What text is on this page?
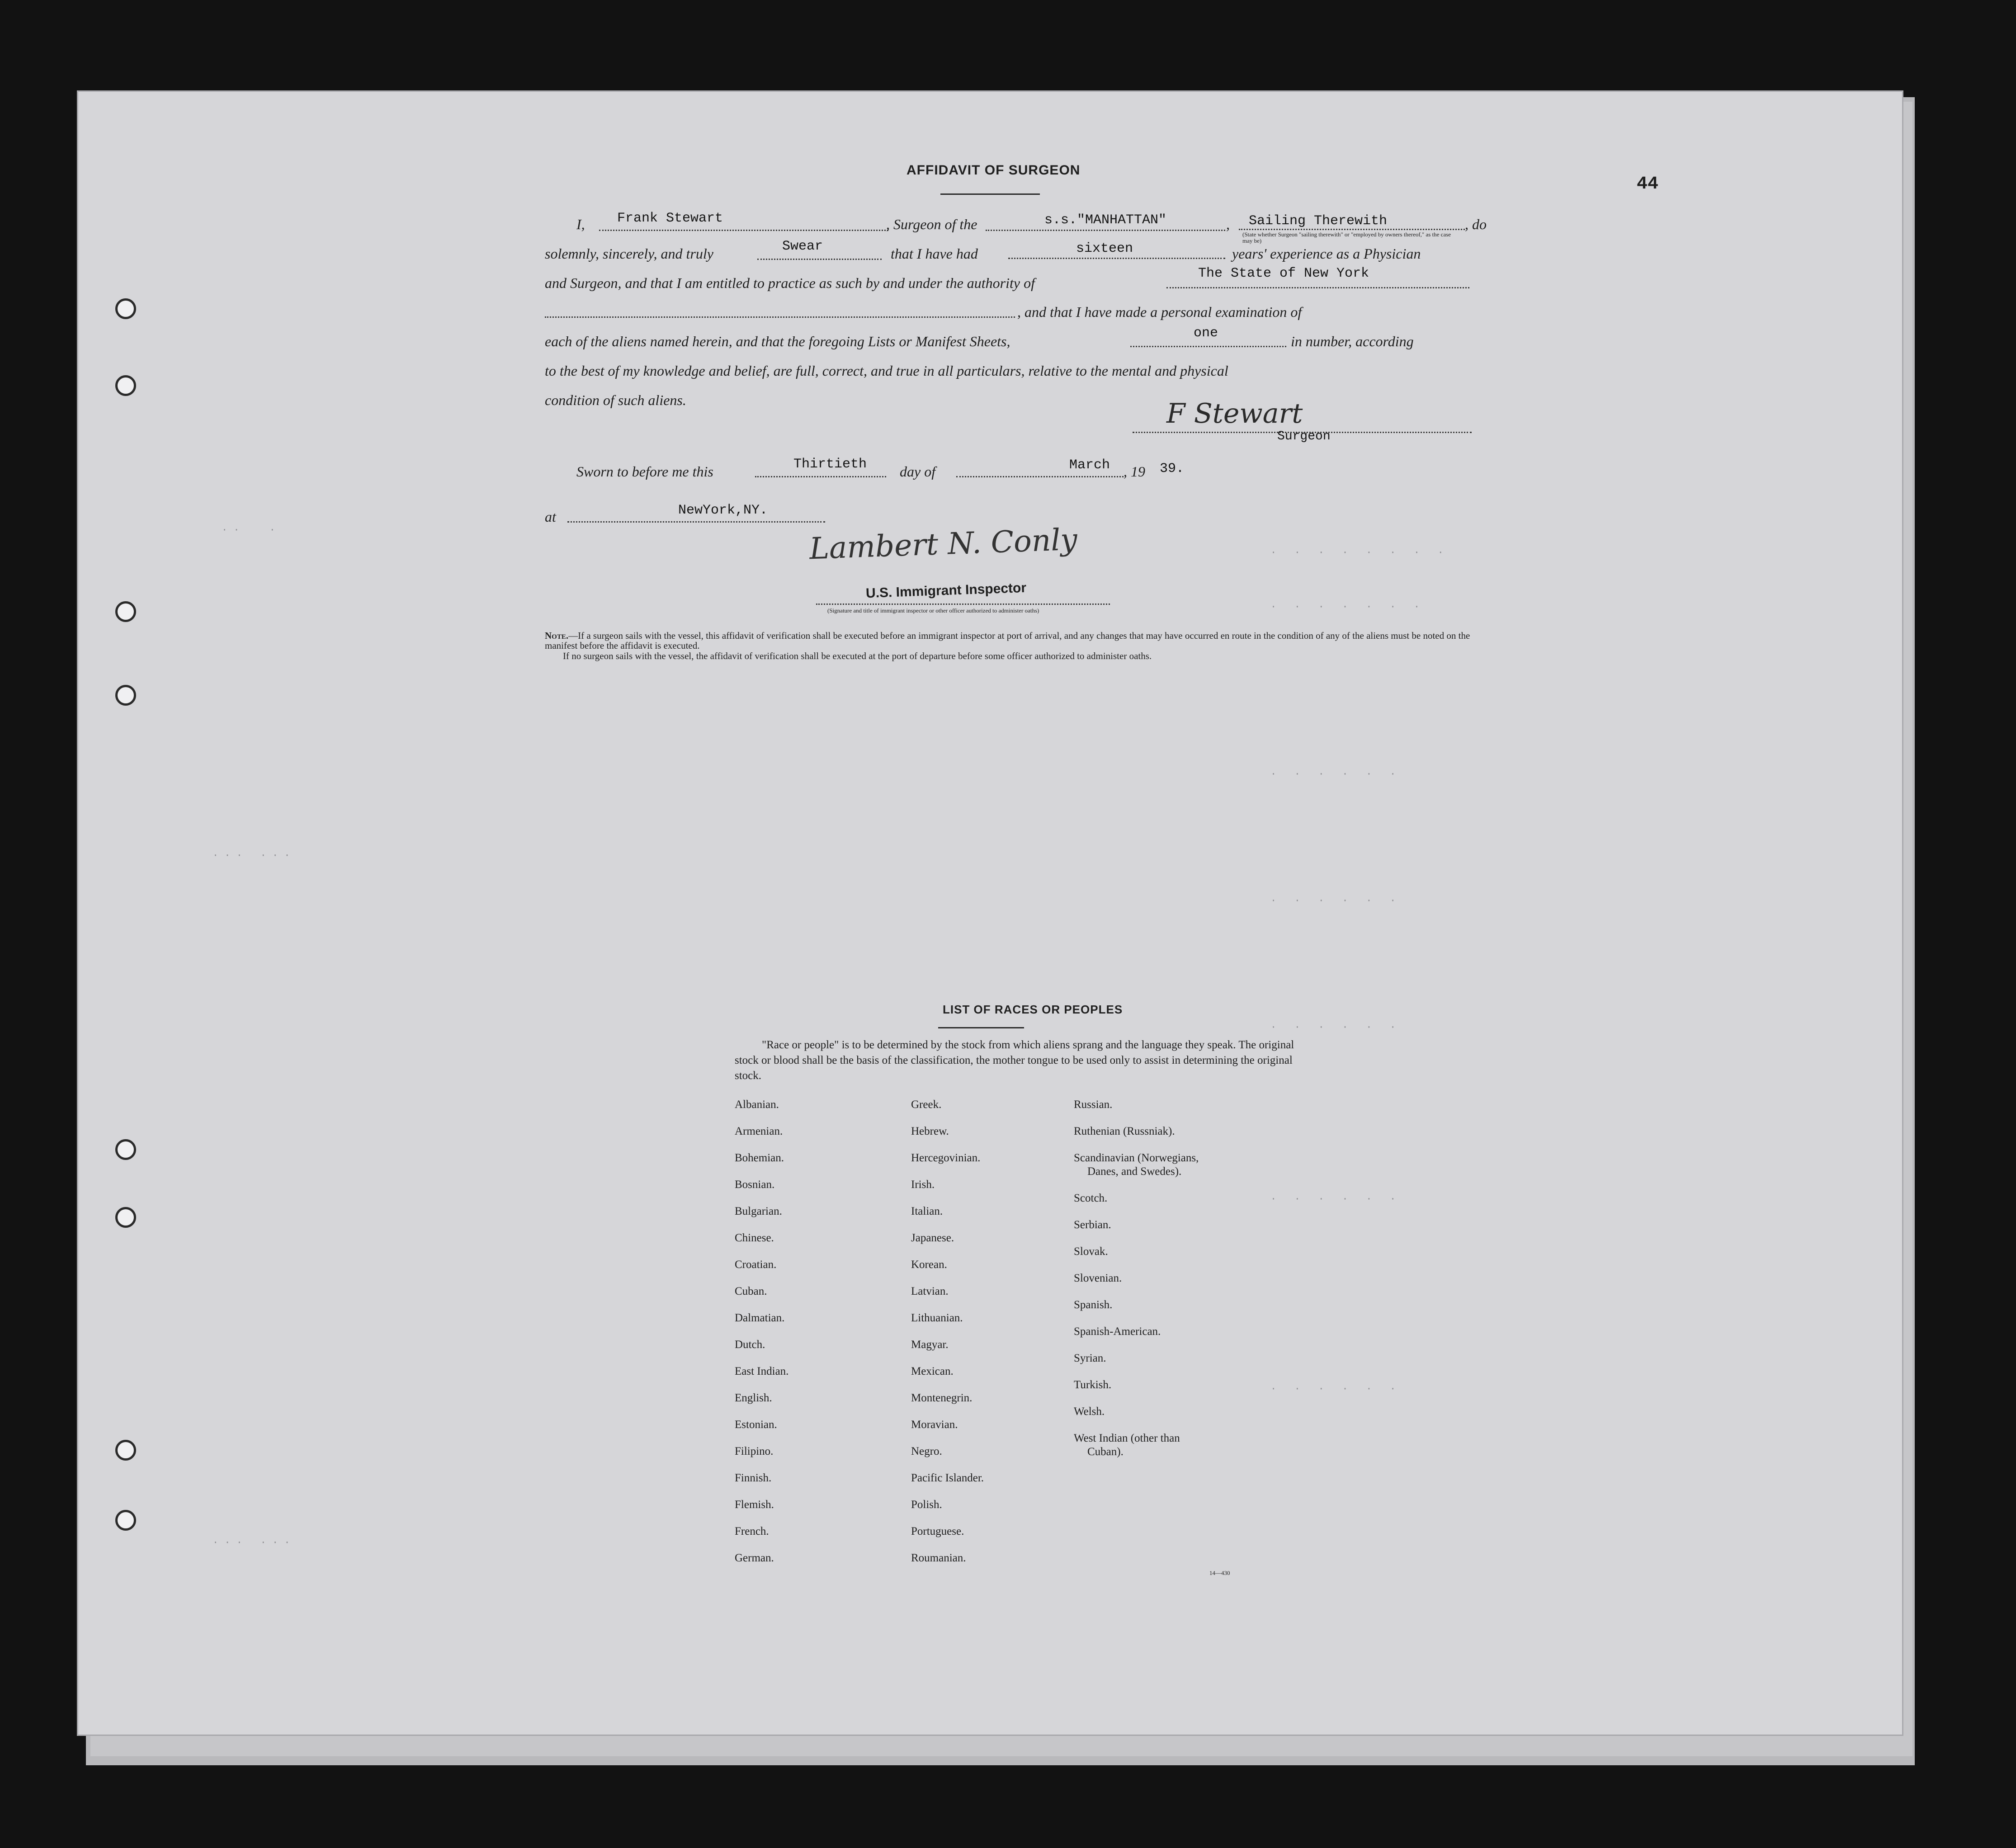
· ·     ·
·   ·   ·   ·   ·   ·   ·   ·
·   ·   ·   ·   ·   ·   ·
·   ·   ·   ·   ·   ·
·   ·   ·   ·   ·   ·
·   ·   ·   ·   ·   ·
·   ·   ·   ·   ·   ·
·   ·   ·   ·   ·   ·
· · ·   · · ·
· · ·   · · ·
44
AFFIDAVIT OF SURGEON
I, Frank Stewart	, Surgeon of the	s.s."MANHATTAN"	, Sailing Therewith	, do
(State whether Surgeon "sailing therewith" or "employed by owners thereof," as the case may be)
solemnly, sincerely, and truly	Swear	that I have had	sixteen	years' experience as a Physician
and Surgeon, and that I am entitled to practice as such by and under the authority of
The State of New York
, and that I have made a personal examination of
each of the aliens named herein, and that the foregoing Lists or Manifest Sheets,	one	in number, according
to the best of my knowledge and belief, are full, correct, and true in all particulars, relative to the mental and physical
condition of such aliens.	F Stewart
Surgeon
Sworn to before me this	Thirtieth day of	March , 19 39.
at	NewYork,NY.
Lambert N. Conly
U.S. Immigrant Inspector
(Signature and title of immigrant inspector or other officer authorized to administer oaths)
Note.—If a surgeon sails with the vessel, this affidavit of verification shall be executed before an immigrant inspector at port of arrival, and any changes that may have occurred en route in the condition of any of the aliens must be noted on the manifest before the affidavit is executed.
If no surgeon sails with the vessel, the affidavit of verification shall be executed at the port of departure before some officer authorized to administer oaths.
LIST OF RACES OR PEOPLES
"Race or people" is to be determined by the stock from which aliens sprang and the language they speak. The original stock or blood shall be the basis of the classification, the mother tongue to be used only to assist in determining the original stock.
Albanian.
Armenian.
Bohemian.
Bosnian.
Bulgarian.
Chinese.
Croatian.
Cuban.
Dalmatian.
Dutch.
East Indian.
English.
Estonian.
Filipino.
Finnish.
Flemish.
French.
German.
Greek.
Hebrew.
Hercegovinian.
Irish.
Italian.
Japanese.
Korean.
Latvian.
Lithuanian.
Magyar.
Mexican.
Montenegrin.
Moravian.
Negro.
Pacific Islander.
Polish.
Portuguese.
Roumanian.
Russian.
Ruthenian (Russniak).
Scandinavian (Norwegians,
Danes, and Swedes).
Scotch.
Serbian.
Slovak.
Slovenian.
Spanish.
Spanish-American.
Syrian.
Turkish.
Welsh.
West Indian (other than
Cuban).
14—430
